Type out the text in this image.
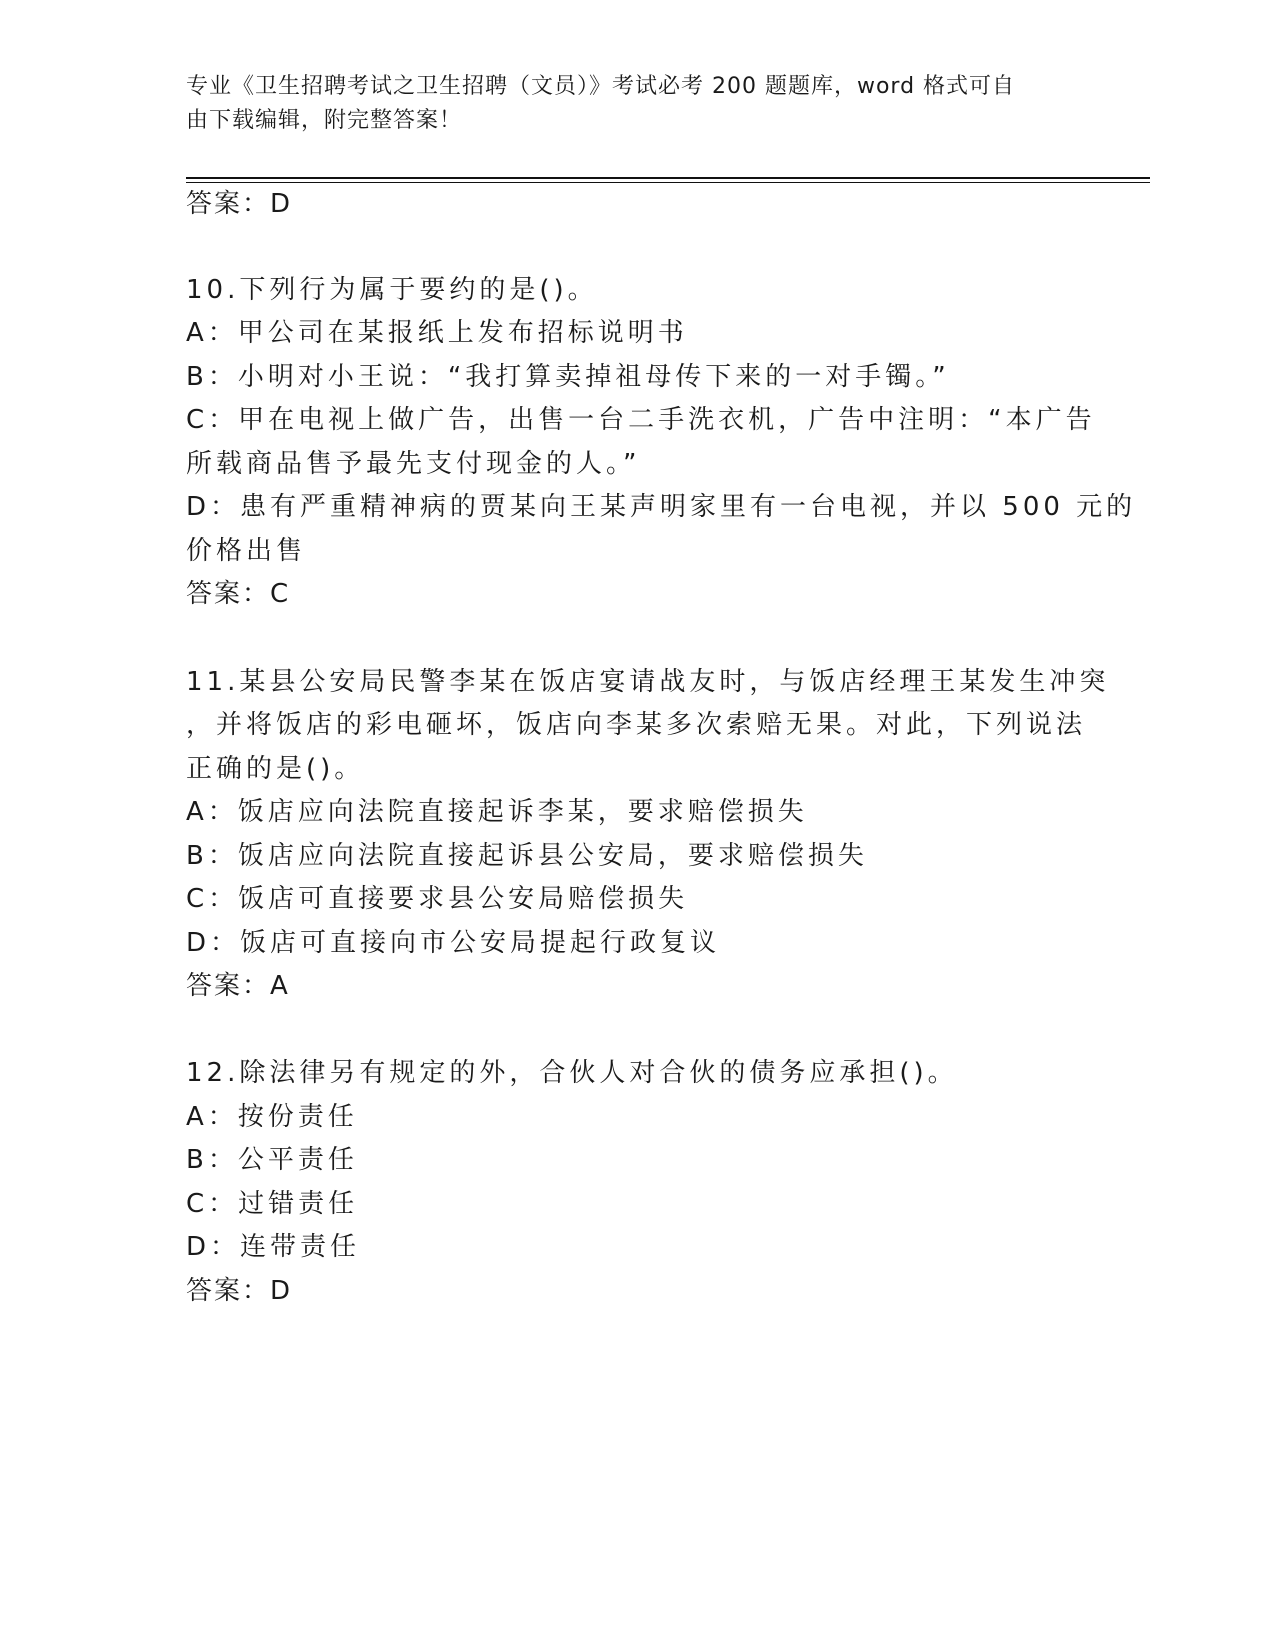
专业《卫生招聘考试之卫生招聘（文员）》考试必考 200 题题库，word 格式可自
由下载编辑，附完整答案！
答案：D
10.下列行为属于要约的是()。
A：甲公司在某报纸上发布招标说明书
B：小明对小王说：“我打算卖掉祖母传下来的一对手镯。”
C：甲在电视上做广告，出售一台二手洗衣机，广告中注明：“本广告
所载商品售予最先支付现金的人。”
D：患有严重精神病的贾某向王某声明家里有一台电视，并以 500 元的
价格出售
答案：C
11.某县公安局民警李某在饭店宴请战友时，与饭店经理王某发生冲突
，并将饭店的彩电砸坏，饭店向李某多次索赔无果。对此，下列说法
正确的是()。
A：饭店应向法院直接起诉李某，要求赔偿损失
B：饭店应向法院直接起诉县公安局，要求赔偿损失
C：饭店可直接要求县公安局赔偿损失
D：饭店可直接向市公安局提起行政复议
答案：A
12.除法律另有规定的外，合伙人对合伙的债务应承担()。
A：按份责任
B：公平责任
C：过错责任
D：连带责任
答案：D
